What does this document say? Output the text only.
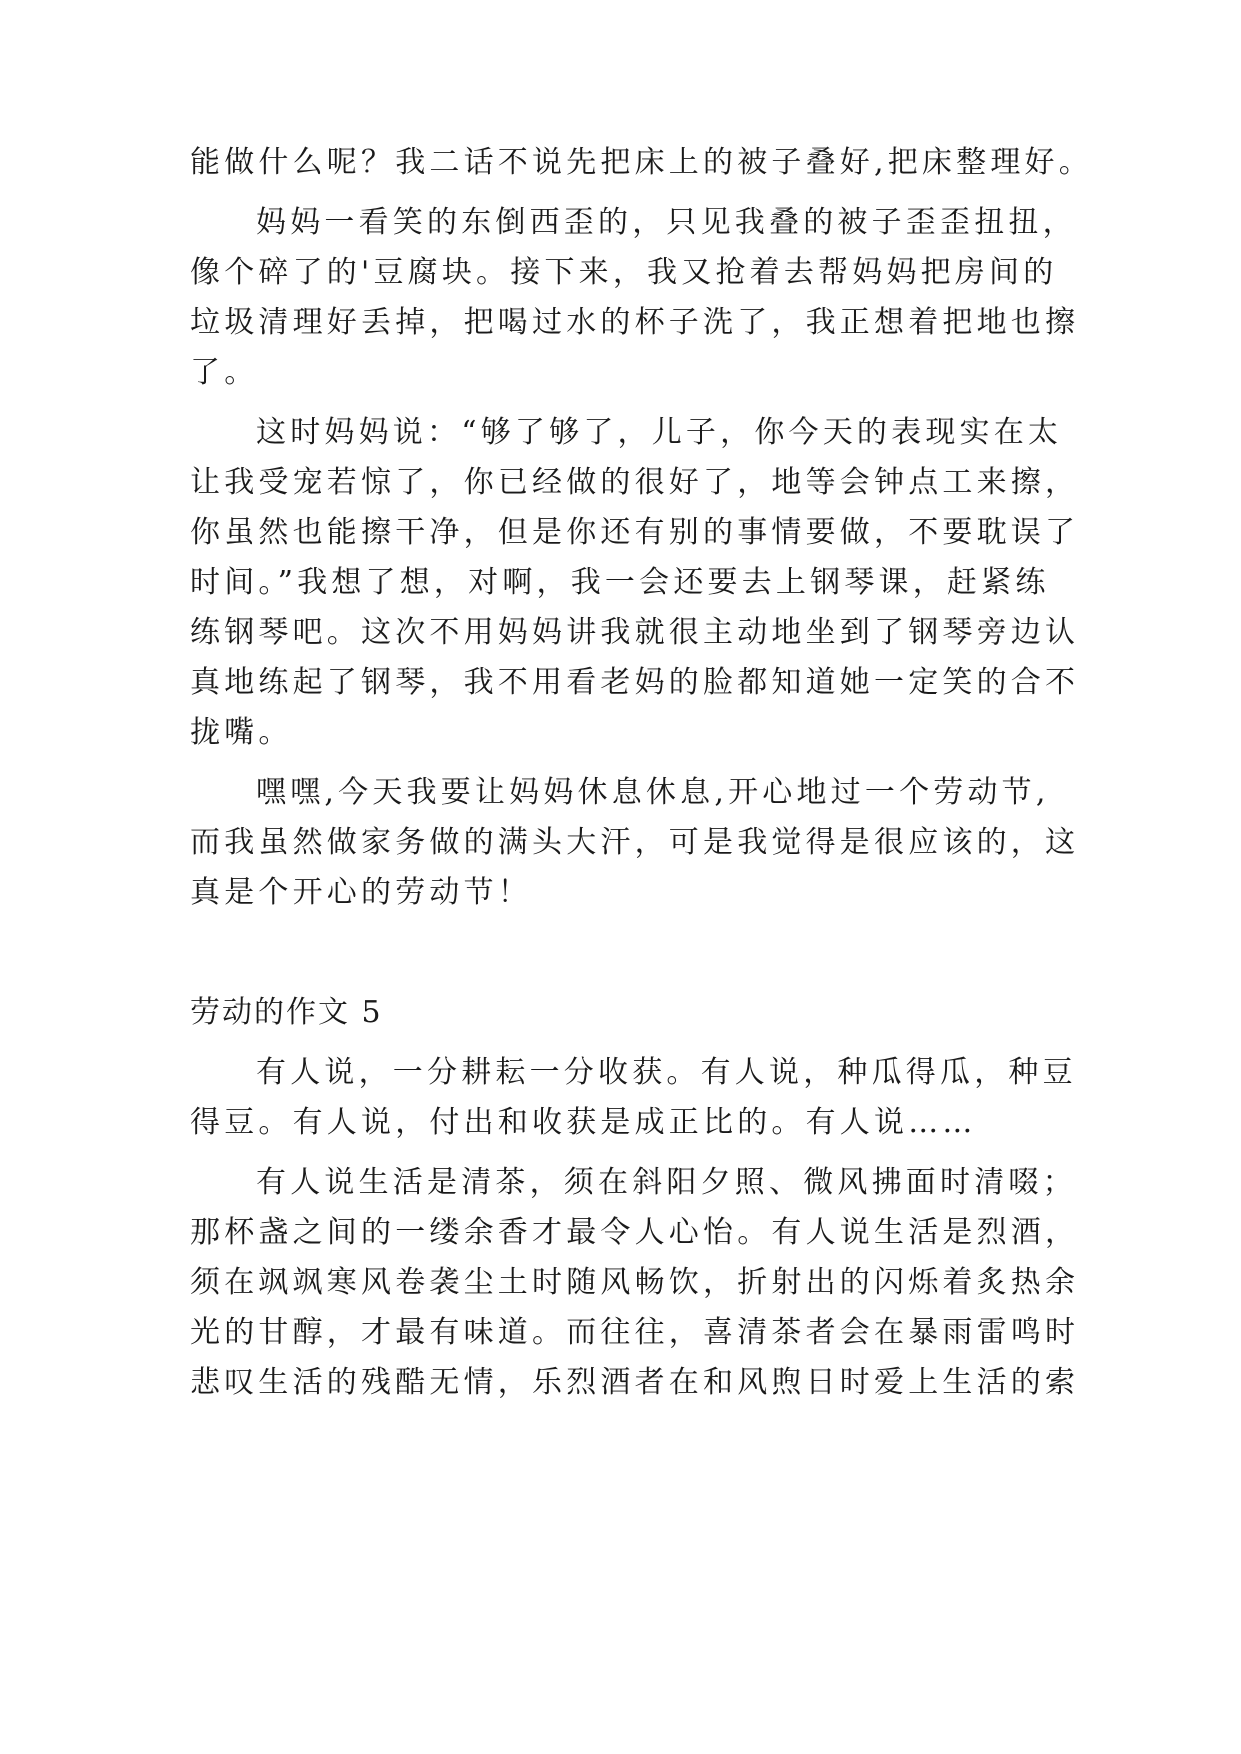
能做什么呢？我二话不说先把床上的被子叠好,把床整理好。
妈妈一看笑的东倒西歪的，只见我叠的被子歪歪扭扭，
像个碎了的'豆腐块。接下来，我又抢着去帮妈妈把房间的
垃圾清理好丢掉，把喝过水的杯子洗了，我正想着把地也擦
了。
这时妈妈说：“够了够了，儿子，你今天的表现实在太
让我受宠若惊了，你已经做的很好了，地等会钟点工来擦，
你虽然也能擦干净，但是你还有别的事情要做，不要耽误了
时间。”我想了想，对啊，我一会还要去上钢琴课，赶紧练
练钢琴吧。这次不用妈妈讲我就很主动地坐到了钢琴旁边认
真地练起了钢琴，我不用看老妈的脸都知道她一定笑的合不
拢嘴。
嘿嘿,今天我要让妈妈休息休息,开心地过一个劳动节,
而我虽然做家务做的满头大汗，可是我觉得是很应该的，这
真是个开心的劳动节！
劳动的作文 5
有人说，一分耕耘一分收获。有人说，种瓜得瓜，种豆
得豆。有人说，付出和收获是成正比的。有人说……
有人说生活是清茶，须在斜阳夕照、微风拂面时清啜；
那杯盏之间的一缕余香才最令人心怡。有人说生活是烈酒，
须在飒飒寒风卷袭尘土时随风畅饮，折射出的闪烁着炙热余
光的甘醇，才最有味道。而往往，喜清茶者会在暴雨雷鸣时
悲叹生活的残酷无情，乐烈酒者在和风煦日时爱上生活的索
